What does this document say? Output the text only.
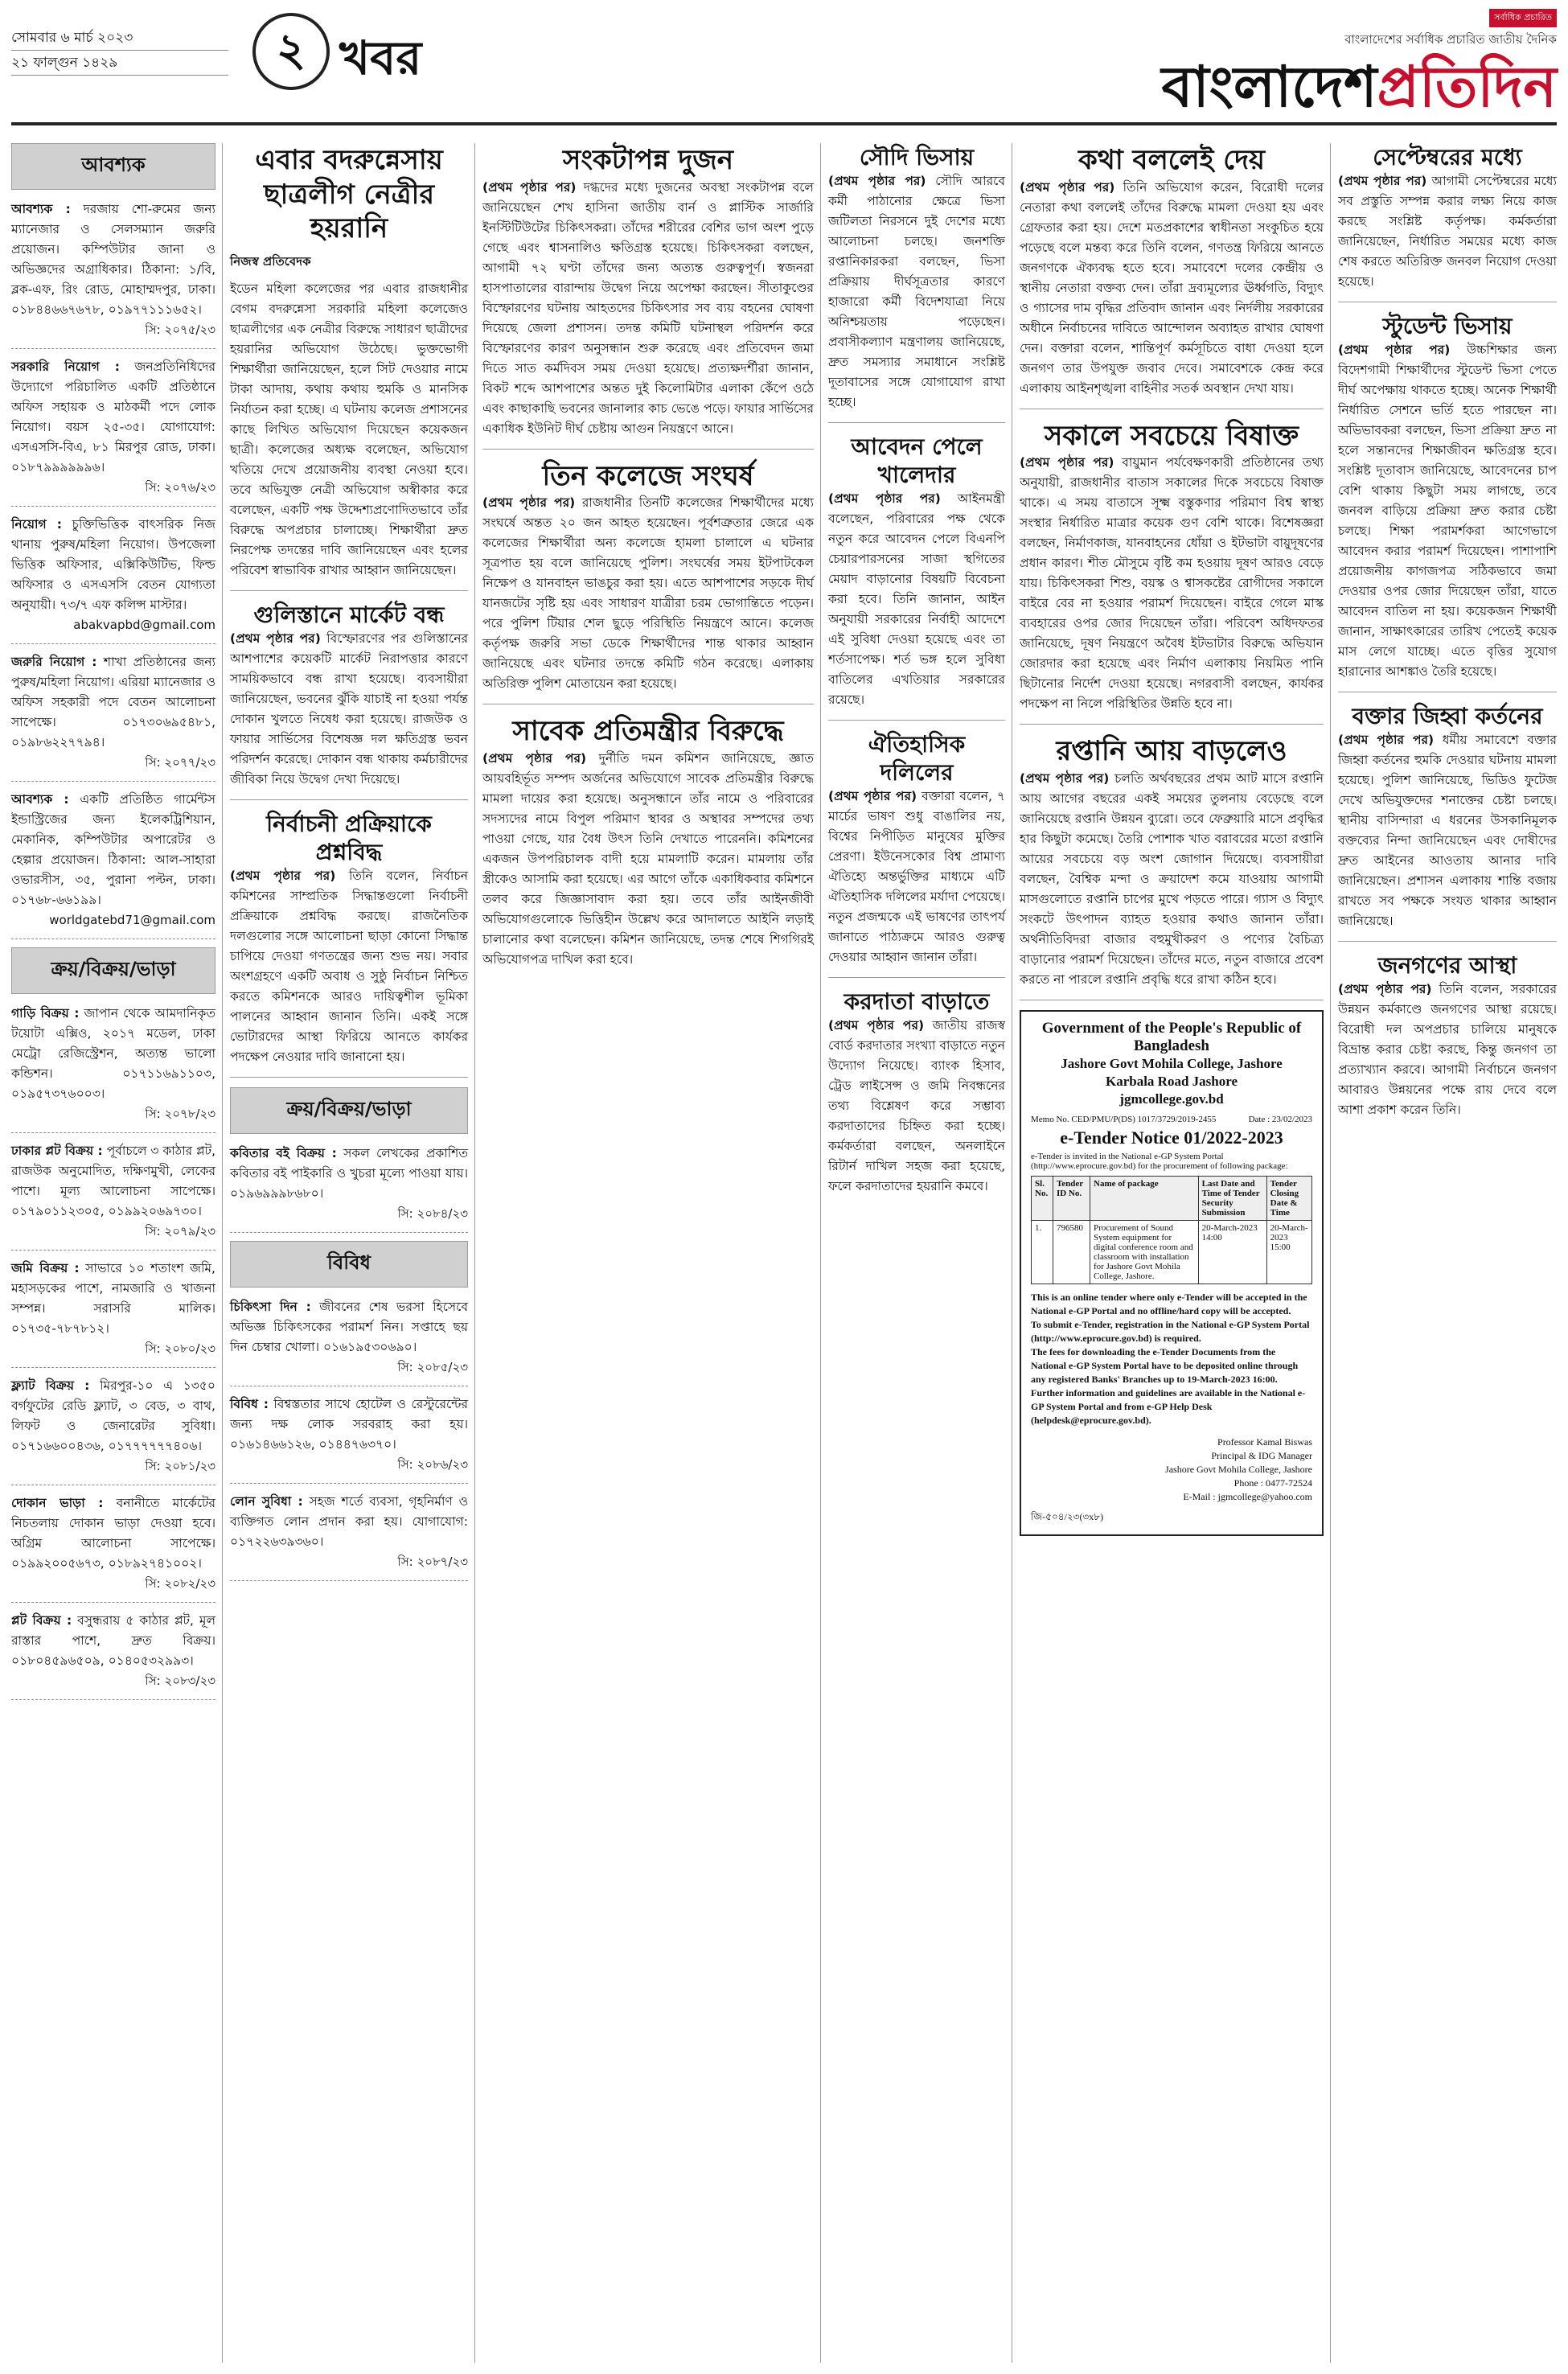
সোমবার ৬ মার্চ ২০২৩
২১ ফাল্গুন ১৪২৯	২ খবর
সর্বাধিক প্রচারিত
বাংলাদেশের সর্বাধিক প্রচারিত জাতীয় দৈনিক
বাংলাদেশপ্রতিদিন
আবশ্যক
আবশ্যক : দরজায় শো-রুমের জন্য ম্যানেজার ও সেলসম্যান জরুরি প্রয়োজন। কম্পিউটার জানা ও অভিজ্ঞদের অগ্রাধিকার। ঠিকানা: ১/বি, ব্লক-এফ, রিং রোড, মোহাম্মদপুর, ঢাকা। ০১৮৪৪৬৬৭৬৭৮, ০১৯৭৭১১১৬৫২।
সি: ২০৭৫/২৩
সরকারি নিয়োগ : জনপ্রতিনিধিদের উদ্যোগে পরিচালিত একটি প্রতিষ্ঠানে অফিস সহায়ক ও মাঠকর্মী পদে লোক নিয়োগ। বয়স ২৫-৩৫। যোগাযোগ: এসএসসি-বিএ, ৮১ মিরপুর রোড, ঢাকা। ০১৮৭৯৯৯৯৯৯৬।
সি: ২০৭৬/২৩
নিয়োগ : চুক্তিভিত্তিক বাৎসরিক নিজ থানায় পুরুষ/মহিলা নিয়োগ। উপজেলা ভিত্তিক অফিসার, এক্সিকিউটিভ, ফিল্ড অফিসার ও এসএসসি বেতন যোগ্যতা অনুযায়ী। ৭৩/৭ এফ কলিন্স মাস্টার।
abakvapbd@gmail.com
জরুরি নিয়োগ : শাখা প্রতিষ্ঠানের জন্য পুরুষ/মহিলা নিয়োগ। এরিয়া ম্যানেজার ও অফিস সহকারী পদে বেতন আলোচনা সাপেক্ষে। ০১৭৩০৬৯৫৪৮১, ০১৯৮৬২২৭৭৯৪।
সি: ২০৭৭/২৩
আবশ্যক : একটি প্রতিষ্ঠিত গার্মেন্টস ইন্ডাস্ট্রিজের জন্য ইলেকট্রিশিয়ান, মেকানিক, কম্পিউটার অপারেটর ও হেল্পার প্রয়োজন। ঠিকানা: আল-সাহারা ওভারসীস, ৩৫, পুরানা পল্টন, ঢাকা। ০১৭৬৮-৬৬১৯৯।
worldgatebd71@gmail.com
ক্রয়/বিক্রয়/ভাড়া
গাড়ি বিক্রয় : জাপান থেকে আমদানিকৃত টয়োটা এক্সিও, ২০১৭ মডেল, ঢাকা মেট্রো রেজিস্ট্রেশন, অত্যন্ত ভালো কন্ডিশন। ০১৭১১৬৯১১০৩, ০১৯৫৭৩৭৬০০৩।
সি: ২০৭৮/২৩
ঢাকার প্লট বিক্রয় : পূর্বাচলে ৩ কাঠার প্লট, রাজউক অনুমোদিত, দক্ষিণমুখী, লেকের পাশে। মূল্য আলোচনা সাপেক্ষে। ০১৭৯০১১২৩০৫, ০১৯৯২০৬৯৭৩০।
সি: ২০৭৯/২৩
জমি বিক্রয় : সাভারে ১০ শতাংশ জমি, মহাসড়কের পাশে, নামজারি ও খাজনা সম্পন্ন। সরাসরি মালিক। ০১৭৩৫-৭৮৭৮১২।
সি: ২০৮০/২৩
ফ্ল্যাট বিক্রয় : মিরপুর-১০ এ ১৩৫০ বর্গফুটের রেডি ফ্ল্যাট, ৩ বেড, ৩ বাথ, লিফট ও জেনারেটর সুবিধা। ০১৭১৬৬০০৪৩৬, ০১৭৭৭৭৭৭৪০৬।
সি: ২০৮১/২৩
দোকান ভাড়া : বনানীতে মার্কেটের নিচতলায় দোকান ভাড়া দেওয়া হবে। অগ্রিম আলোচনা সাপেক্ষে। ০১৯৯২০০৫৬৭৩, ০১৮৯২৭৪১০০২।
সি: ২০৮২/২৩
প্লট বিক্রয় : বসুন্ধরায় ৫ কাঠার প্লট, মূল রাস্তার পাশে, দ্রুত বিক্রয়। ০১৮০৪৫৯৬৫০৯, ০১৪০৫৩২৯৯৩।
সি: ২০৮৩/২৩
এবার বদরুন্নেসায় ছাত্রলীগ নেত্রীর হয়রানি
নিজস্ব প্রতিবেদক
ইডেন মহিলা কলেজের পর এবার রাজধানীর বেগম বদরুন্নেসা সরকারি মহিলা কলেজেও ছাত্রলীগের এক নেত্রীর বিরুদ্ধে সাধারণ ছাত্রীদের হয়রানির অভিযোগ উঠেছে। ভুক্তভোগী শিক্ষার্থীরা জানিয়েছেন, হলে সিট দেওয়ার নামে টাকা আদায়, কথায় কথায় হুমকি ও মানসিক নির্যাতন করা হচ্ছে। এ ঘটনায় কলেজ প্রশাসনের কাছে লিখিত অভিযোগ দিয়েছেন কয়েকজন ছাত্রী। কলেজের অধ্যক্ষ বলেছেন, অভিযোগ খতিয়ে দেখে প্রয়োজনীয় ব্যবস্থা নেওয়া হবে। তবে অভিযুক্ত নেত্রী অভিযোগ অস্বীকার করে বলেছেন, একটি পক্ষ উদ্দেশ্যপ্রণোদিতভাবে তাঁর বিরুদ্ধে অপপ্রচার চালাচ্ছে। শিক্ষার্থীরা দ্রুত নিরপেক্ষ তদন্তের দাবি জানিয়েছেন এবং হলের পরিবেশ স্বাভাবিক রাখার আহ্বান জানিয়েছেন।
গুলিস্তানে মার্কেট বন্ধ
(প্রথম পৃষ্ঠার পর) বিস্ফোরণের পর গুলিস্তানের আশপাশের কয়েকটি মার্কেট নিরাপত্তার কারণে সাময়িকভাবে বন্ধ রাখা হয়েছে। ব্যবসায়ীরা জানিয়েছেন, ভবনের ঝুঁকি যাচাই না হওয়া পর্যন্ত দোকান খুলতে নিষেধ করা হয়েছে। রাজউক ও ফায়ার সার্ভিসের বিশেষজ্ঞ দল ক্ষতিগ্রস্ত ভবন পরিদর্শন করেছে। দোকান বন্ধ থাকায় কর্মচারীদের জীবিকা নিয়ে উদ্বেগ দেখা দিয়েছে।
নির্বাচনী প্রক্রিয়াকে প্রশ্নবিদ্ধ
(প্রথম পৃষ্ঠার পর) তিনি বলেন, নির্বাচন কমিশনের সাম্প্রতিক সিদ্ধান্তগুলো নির্বাচনী প্রক্রিয়াকে প্রশ্নবিদ্ধ করছে। রাজনৈতিক দলগুলোর সঙ্গে আলোচনা ছাড়া কোনো সিদ্ধান্ত চাপিয়ে দেওয়া গণতন্ত্রের জন্য শুভ নয়। সবার অংশগ্রহণে একটি অবাধ ও সুষ্ঠু নির্বাচন নিশ্চিত করতে কমিশনকে আরও দায়িত্বশীল ভূমিকা পালনের আহ্বান জানান তিনি। একই সঙ্গে ভোটারদের আস্থা ফিরিয়ে আনতে কার্যকর পদক্ষেপ নেওয়ার দাবি জানানো হয়।
ক্রয়/বিক্রয়/ভাড়া
কবিতার বই বিক্রয় : সকল লেখকের প্রকাশিত কবিতার বই পাইকারি ও খুচরা মূল্যে পাওয়া যায়। ০১৯৬৯৯৯৮৬৮০।
সি: ২০৮৪/২৩
বিবিধ
চিকিৎসা দিন : জীবনের শেষ ভরসা হিসেবে অভিজ্ঞ চিকিৎসকের পরামর্শ নিন। সপ্তাহে ছয় দিন চেম্বার খোলা। ০১৬১৯৫৩০৬৯০।
সি: ২০৮৫/২৩
বিবিধ : বিশ্বস্ততার সাথে হোটেল ও রেস্টুরেন্টের জন্য দক্ষ লোক সরবরাহ করা হয়। ০১৬১৪৬৬১২৬, ০১৪৪৭৬৩৭০।
সি: ২০৮৬/২৩
লোন সুবিধা : সহজ শর্তে ব্যবসা, গৃহনির্মাণ ও ব্যক্তিগত লোন প্রদান করা হয়। যোগাযোগ: ০১৭২২৬৩৯৩৬০।
সি: ২০৮৭/২৩
সংকটাপন্ন দুজন
(প্রথম পৃষ্ঠার পর) দগ্ধদের মধ্যে দুজনের অবস্থা সংকটাপন্ন বলে জানিয়েছেন শেখ হাসিনা জাতীয় বার্ন ও প্লাস্টিক সার্জারি ইনস্টিটিউটের চিকিৎসকরা। তাঁদের শরীরের বেশির ভাগ অংশ পুড়ে গেছে এবং শ্বাসনালিও ক্ষতিগ্রস্ত হয়েছে। চিকিৎসকরা বলছেন, আগামী ৭২ ঘণ্টা তাঁদের জন্য অত্যন্ত গুরুত্বপূর্ণ। স্বজনরা হাসপাতালের বারান্দায় উদ্বেগ নিয়ে অপেক্ষা করছেন। সীতাকুণ্ডের বিস্ফোরণের ঘটনায় আহতদের চিকিৎসার সব ব্যয় বহনের ঘোষণা দিয়েছে জেলা প্রশাসন। তদন্ত কমিটি ঘটনাস্থল পরিদর্শন করে বিস্ফোরণের কারণ অনুসন্ধান শুরু করেছে এবং প্রতিবেদন জমা দিতে সাত কর্মদিবস সময় দেওয়া হয়েছে। প্রত্যক্ষদর্শীরা জানান, বিকট শব্দে আশপাশের অন্তত দুই কিলোমিটার এলাকা কেঁপে ওঠে এবং কাছাকাছি ভবনের জানালার কাচ ভেঙে পড়ে। ফায়ার সার্ভিসের একাধিক ইউনিট দীর্ঘ চেষ্টায় আগুন নিয়ন্ত্রণে আনে।
তিন কলেজে সংঘর্ষ
(প্রথম পৃষ্ঠার পর) রাজধানীর তিনটি কলেজের শিক্ষার্থীদের মধ্যে সংঘর্ষে অন্তত ২০ জন আহত হয়েছেন। পূর্বশত্রুতার জেরে এক কলেজের শিক্ষার্থীরা অন্য কলেজে হামলা চালালে এ ঘটনার সূত্রপাত হয় বলে জানিয়েছে পুলিশ। সংঘর্ষের সময় ইটপাটকেল নিক্ষেপ ও যানবাহন ভাঙচুর করা হয়। এতে আশপাশের সড়কে দীর্ঘ যানজটের সৃষ্টি হয় এবং সাধারণ যাত্রীরা চরম ভোগান্তিতে পড়েন। পরে পুলিশ টিয়ার শেল ছুড়ে পরিস্থিতি নিয়ন্ত্রণে আনে। কলেজ কর্তৃপক্ষ জরুরি সভা ডেকে শিক্ষার্থীদের শান্ত থাকার আহ্বান জানিয়েছে এবং ঘটনার তদন্তে কমিটি গঠন করেছে। এলাকায় অতিরিক্ত পুলিশ মোতায়েন করা হয়েছে।
সাবেক প্রতিমন্ত্রীর বিরুদ্ধে
(প্রথম পৃষ্ঠার পর) দুর্নীতি দমন কমিশন জানিয়েছে, জ্ঞাত আয়বহির্ভূত সম্পদ অর্জনের অভিযোগে সাবেক প্রতিমন্ত্রীর বিরুদ্ধে মামলা দায়ের করা হয়েছে। অনুসন্ধানে তাঁর নামে ও পরিবারের সদস্যদের নামে বিপুল পরিমাণ স্থাবর ও অস্থাবর সম্পদের তথ্য পাওয়া গেছে, যার বৈধ উৎস তিনি দেখাতে পারেননি। কমিশনের একজন উপপরিচালক বাদী হয়ে মামলাটি করেন। মামলায় তাঁর স্ত্রীকেও আসামি করা হয়েছে। এর আগে তাঁকে একাধিকবার কমিশনে তলব করে জিজ্ঞাসাবাদ করা হয়। তবে তাঁর আইনজীবী অভিযোগগুলোকে ভিত্তিহীন উল্লেখ করে আদালতে আইনি লড়াই চালানোর কথা বলেছেন। কমিশন জানিয়েছে, তদন্ত শেষে শিগগিরই অভিযোগপত্র দাখিল করা হবে।
সৌদি ভিসায়
(প্রথম পৃষ্ঠার পর) সৌদি আরবে কর্মী পাঠানোর ক্ষেত্রে ভিসা জটিলতা নিরসনে দুই দেশের মধ্যে আলোচনা চলছে। জনশক্তি রপ্তানিকারকরা বলছেন, ভিসা প্রক্রিয়ায় দীর্ঘসূত্রতার কারণে হাজারো কর্মী বিদেশযাত্রা নিয়ে অনিশ্চয়তায় পড়েছেন। প্রবাসীকল্যাণ মন্ত্রণালয় জানিয়েছে, দ্রুত সমস্যার সমাধানে সংশ্লিষ্ট দূতাবাসের সঙ্গে যোগাযোগ রাখা হচ্ছে।
আবেদন পেলে খালেদার
(প্রথম পৃষ্ঠার পর) আইনমন্ত্রী বলেছেন, পরিবারের পক্ষ থেকে নতুন করে আবেদন পেলে বিএনপি চেয়ারপারসনের সাজা স্থগিতের মেয়াদ বাড়ানোর বিষয়টি বিবেচনা করা হবে। তিনি জানান, আইন অনুযায়ী সরকারের নির্বাহী আদেশে এই সুবিধা দেওয়া হয়েছে এবং তা শর্তসাপেক্ষ। শর্ত ভঙ্গ হলে সুবিধা বাতিলের এখতিয়ার সরকারের রয়েছে।
ঐতিহাসিক দলিলের
(প্রথম পৃষ্ঠার পর) বক্তারা বলেন, ৭ মার্চের ভাষণ শুধু বাঙালির নয়, বিশ্বের নিপীড়িত মানুষের মুক্তির প্রেরণা। ইউনেসকোর বিশ্ব প্রামাণ্য ঐতিহ্যে অন্তর্ভুক্তির মাধ্যমে এটি ঐতিহাসিক দলিলের মর্যাদা পেয়েছে। নতুন প্রজন্মকে এই ভাষণের তাৎপর্য জানাতে পাঠ্যক্রমে আরও গুরুত্ব দেওয়ার আহ্বান জানান তাঁরা।
করদাতা বাড়াতে
(প্রথম পৃষ্ঠার পর) জাতীয় রাজস্ব বোর্ড করদাতার সংখ্যা বাড়াতে নতুন উদ্যোগ নিয়েছে। ব্যাংক হিসাব, ট্রেড লাইসেন্স ও জমি নিবন্ধনের তথ্য বিশ্লেষণ করে সম্ভাব্য করদাতাদের চিহ্নিত করা হচ্ছে। কর্মকর্তারা বলছেন, অনলাইনে রিটার্ন দাখিল সহজ করা হয়েছে, ফলে করদাতাদের হয়রানি কমবে।
কথা বললেই দেয়
(প্রথম পৃষ্ঠার পর) তিনি অভিযোগ করেন, বিরোধী দলের নেতারা কথা বললেই তাঁদের বিরুদ্ধে মামলা দেওয়া হয় এবং গ্রেফতার করা হয়। দেশে মতপ্রকাশের স্বাধীনতা সংকুচিত হয়ে পড়েছে বলে মন্তব্য করে তিনি বলেন, গণতন্ত্র ফিরিয়ে আনতে জনগণকে ঐক্যবদ্ধ হতে হবে। সমাবেশে দলের কেন্দ্রীয় ও স্থানীয় নেতারা বক্তব্য দেন। তাঁরা দ্রব্যমূল্যের ঊর্ধ্বগতি, বিদ্যুৎ ও গ্যাসের দাম বৃদ্ধির প্রতিবাদ জানান এবং নির্দলীয় সরকারের অধীনে নির্বাচনের দাবিতে আন্দোলন অব্যাহত রাখার ঘোষণা দেন। বক্তারা বলেন, শান্তিপূর্ণ কর্মসূচিতে বাধা দেওয়া হলে জনগণ তার উপযুক্ত জবাব দেবে। সমাবেশকে কেন্দ্র করে এলাকায় আইনশৃঙ্খলা বাহিনীর সতর্ক অবস্থান দেখা যায়।
সকালে সবচেয়ে বিষাক্ত
(প্রথম পৃষ্ঠার পর) বায়ুমান পর্যবেক্ষণকারী প্রতিষ্ঠানের তথ্য অনুযায়ী, রাজধানীর বাতাস সকালের দিকে সবচেয়ে বিষাক্ত থাকে। এ সময় বাতাসে সূক্ষ্ম বস্তুকণার পরিমাণ বিশ্ব স্বাস্থ্য সংস্থার নির্ধারিত মাত্রার কয়েক গুণ বেশি থাকে। বিশেষজ্ঞরা বলছেন, নির্মাণকাজ, যানবাহনের ধোঁয়া ও ইটভাটা বায়ুদূষণের প্রধান কারণ। শীত মৌসুমে বৃষ্টি কম হওয়ায় দূষণ আরও বেড়ে যায়। চিকিৎসকরা শিশু, বয়স্ক ও শ্বাসকষ্টের রোগীদের সকালে বাইরে বের না হওয়ার পরামর্শ দিয়েছেন। বাইরে গেলে মাস্ক ব্যবহারের ওপর জোর দিয়েছেন তাঁরা। পরিবেশ অধিদফতর জানিয়েছে, দূষণ নিয়ন্ত্রণে অবৈধ ইটভাটার বিরুদ্ধে অভিযান জোরদার করা হয়েছে এবং নির্মাণ এলাকায় নিয়মিত পানি ছিটানোর নির্দেশ দেওয়া হয়েছে। নগরবাসী বলছেন, কার্যকর পদক্ষেপ না নিলে পরিস্থিতির উন্নতি হবে না।
রপ্তানি আয় বাড়লেও
(প্রথম পৃষ্ঠার পর) চলতি অর্থবছরের প্রথম আট মাসে রপ্তানি আয় আগের বছরের একই সময়ের তুলনায় বেড়েছে বলে জানিয়েছে রপ্তানি উন্নয়ন ব্যুরো। তবে ফেব্রুয়ারি মাসে প্রবৃদ্ধির হার কিছুটা কমেছে। তৈরি পোশাক খাত বরাবরের মতো রপ্তানি আয়ের সবচেয়ে বড় অংশ জোগান দিয়েছে। ব্যবসায়ীরা বলছেন, বৈশ্বিক মন্দা ও ক্রয়াদেশ কমে যাওয়ায় আগামী মাসগুলোতে রপ্তানি চাপের মুখে পড়তে পারে। গ্যাস ও বিদ্যুৎ সংকটে উৎপাদন ব্যাহত হওয়ার কথাও জানান তাঁরা। অর্থনীতিবিদরা বাজার বহুমুখীকরণ ও পণ্যের বৈচিত্র্য বাড়ানোর পরামর্শ দিয়েছেন। তাঁদের মতে, নতুন বাজারে প্রবেশ করতে না পারলে রপ্তানি প্রবৃদ্ধি ধরে রাখা কঠিন হবে।
Government of the People's Republic of Bangladesh
Jashore Govt Mohila College, Jashore
Karbala Road Jashore
jgmcollege.gov.bd
Memo No. CED/PMU/P(DS) 1017/3729/2019-2455	Date : 23/02/2023
e-Tender Notice 01/2022-2023
e-Tender is invited in the National e-GP System Portal (http://www.eprocure.gov.bd) for the procurement of following package:
Sl. No.	Tender ID No.	Name of package	Last Date and Time of Tender Security Submission	Tender Closing Date & Time
1.	796580	Procurement of Sound System equipment for digital conference room and classroom with installation for Jashore Govt Mohila College, Jashore.	20-March-2023 14:00	20-March-2023 15:00
This is an online tender where only e-Tender will be accepted in the National e-GP Portal and no offline/hard copy will be accepted.
To submit e-Tender, registration in the National e-GP System Portal (http://www.eprocure.gov.bd) is required.
The fees for downloading the e-Tender Documents from the National e-GP System Portal have to be deposited online through any registered Banks' Branches up to 19-March-2023 16:00.
Further information and guidelines are available in the National e-GP System Portal and from e-GP Help Desk (helpdesk@eprocure.gov.bd).
Professor Kamal Biswas
Principal & IDG Manager
Jashore Govt Mohila College, Jashore
Phone : 0477-72524
E-Mail : jgmcollege@yahoo.com
জি-৫০৪/২৩(৩x৮)
সেপ্টেম্বরের মধ্যে
(প্রথম পৃষ্ঠার পর) আগামী সেপ্টেম্বরের মধ্যে সব প্রস্তুতি সম্পন্ন করার লক্ষ্য নিয়ে কাজ করছে সংশ্লিষ্ট কর্তৃপক্ষ। কর্মকর্তারা জানিয়েছেন, নির্ধারিত সময়ের মধ্যে কাজ শেষ করতে অতিরিক্ত জনবল নিয়োগ দেওয়া হয়েছে।
স্টুডেন্ট ভিসায়
(প্রথম পৃষ্ঠার পর) উচ্চশিক্ষার জন্য বিদেশগামী শিক্ষার্থীদের স্টুডেন্ট ভিসা পেতে দীর্ঘ অপেক্ষায় থাকতে হচ্ছে। অনেক শিক্ষার্থী নির্ধারিত সেশনে ভর্তি হতে পারছেন না। অভিভাবকরা বলছেন, ভিসা প্রক্রিয়া দ্রুত না হলে সন্তানদের শিক্ষাজীবন ক্ষতিগ্রস্ত হবে। সংশ্লিষ্ট দূতাবাস জানিয়েছে, আবেদনের চাপ বেশি থাকায় কিছুটা সময় লাগছে, তবে জনবল বাড়িয়ে প্রক্রিয়া দ্রুত করার চেষ্টা চলছে। শিক্ষা পরামর্শকরা আগেভাগে আবেদন করার পরামর্শ দিয়েছেন। পাশাপাশি প্রয়োজনীয় কাগজপত্র সঠিকভাবে জমা দেওয়ার ওপর জোর দিয়েছেন তাঁরা, যাতে আবেদন বাতিল না হয়। কয়েকজন শিক্ষার্থী জানান, সাক্ষাৎকারের তারিখ পেতেই কয়েক মাস লেগে যাচ্ছে। এতে বৃত্তির সুযোগ হারানোর আশঙ্কাও তৈরি হয়েছে।
বক্তার জিহ্বা কর্তনের
(প্রথম পৃষ্ঠার পর) ধর্মীয় সমাবেশে বক্তার জিহ্বা কর্তনের হুমকি দেওয়ার ঘটনায় মামলা হয়েছে। পুলিশ জানিয়েছে, ভিডিও ফুটেজ দেখে অভিযুক্তদের শনাক্তের চেষ্টা চলছে। স্থানীয় বাসিন্দারা এ ধরনের উসকানিমূলক বক্তব্যের নিন্দা জানিয়েছেন এবং দোষীদের দ্রুত আইনের আওতায় আনার দাবি জানিয়েছেন। প্রশাসন এলাকায় শান্তি বজায় রাখতে সব পক্ষকে সংযত থাকার আহ্বান জানিয়েছে।
জনগণের আস্থা
(প্রথম পৃষ্ঠার পর) তিনি বলেন, সরকারের উন্নয়ন কর্মকাণ্ডে জনগণের আস্থা রয়েছে। বিরোধী দল অপপ্রচার চালিয়ে মানুষকে বিভ্রান্ত করার চেষ্টা করছে, কিন্তু জনগণ তা প্রত্যাখ্যান করবে। আগামী নির্বাচনে জনগণ আবারও উন্নয়নের পক্ষে রায় দেবে বলে আশা প্রকাশ করেন তিনি।
